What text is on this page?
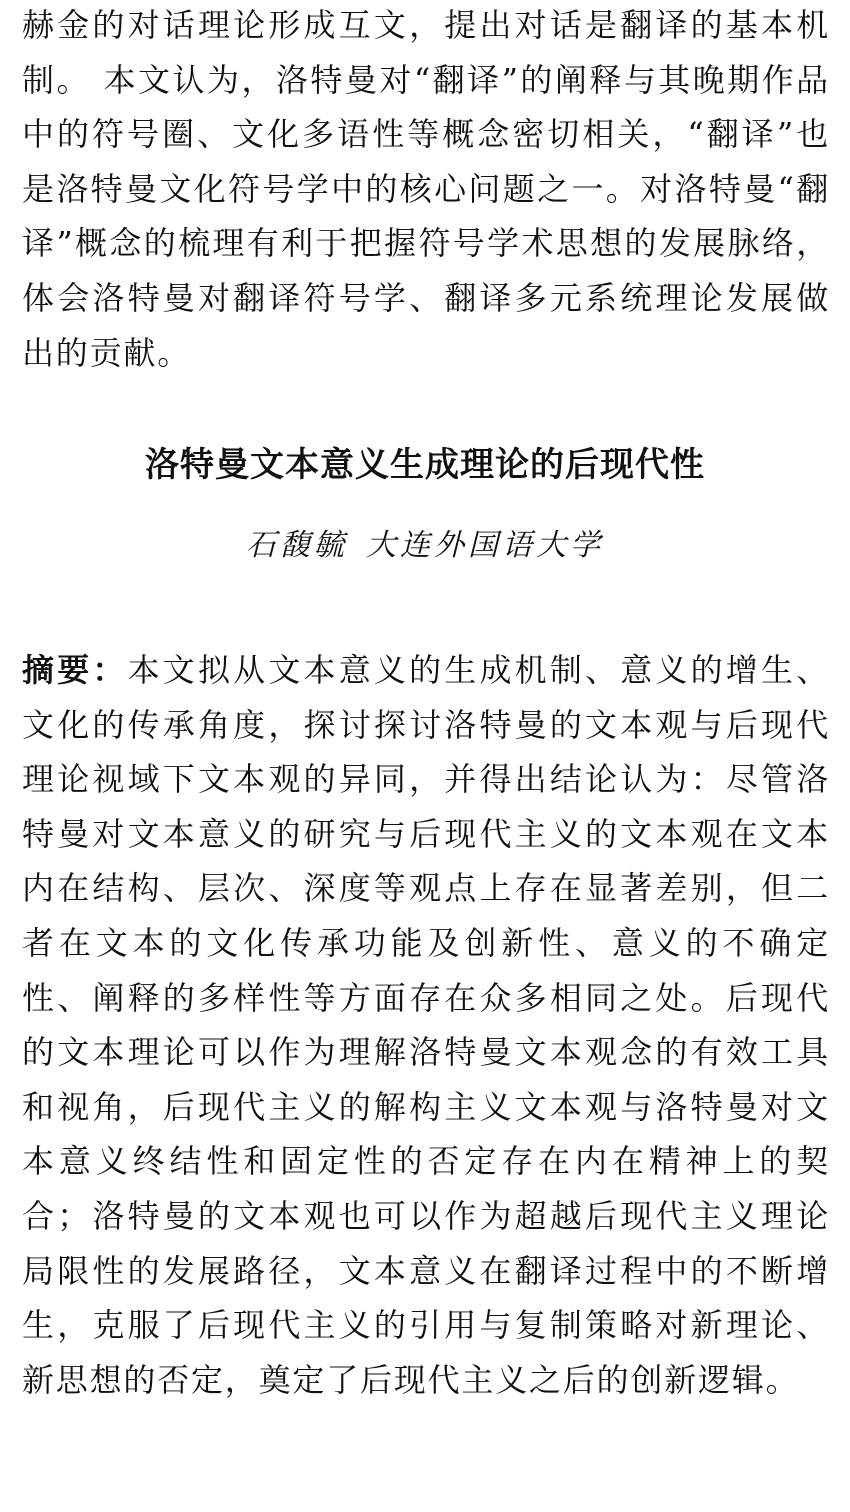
赫金的对话理论形成互文，提出对话是翻译的基本机制。 本文认为，洛特曼对“翻译”的阐释与其晚期作品中的符号圈、文化多语性等概念密切相关，“翻译”也是洛特曼文化符号学中的核心问题之一。对洛特曼“翻译”概念的梳理有利于把握符号学术思想的发展脉络，体会洛特曼对翻译符号学、翻译多元系统理论发展做出的贡献。

洛特曼文本意义生成理论的后现代性

石馥毓 大连外国语大学

摘要：本文拟从文本意义的生成机制、意义的增生、文化的传承角度，探讨探讨洛特曼的文本观与后现代理论视域下文本观的异同，并得出结论认为：尽管洛特曼对文本意义的研究与后现代主义的文本观在文本内在结构、层次、深度等观点上存在显著差别，但二者在文本的文化传承功能及创新性、意义的不确定性、阐释的多样性等方面存在众多相同之处。后现代的文本理论可以作为理解洛特曼文本观念的有效工具和视角，后现代主义的解构主义文本观与洛特曼对文本意义终结性和固定性的否定存在内在精神上的契合；洛特曼的文本观也可以作为超越后现代主义理论局限性的发展路径，文本意义在翻译过程中的不断增生，克服了后现代主义的引用与复制策略对新理论、新思想的否定，奠定了后现代主义之后的创新逻辑。
